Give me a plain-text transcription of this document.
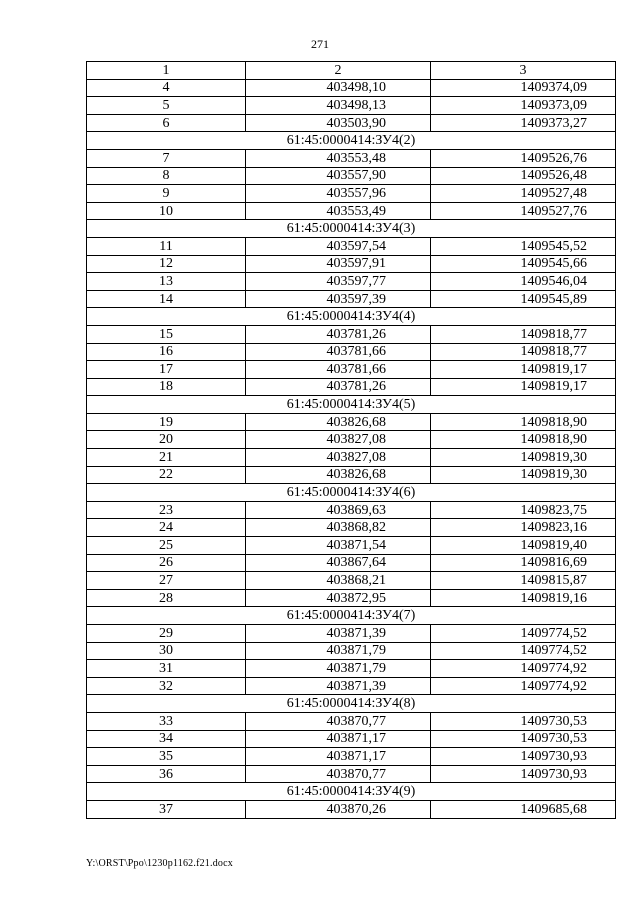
271
1	2	3
4	403498,10	1409374,09
5	403498,13	1409373,09
6	403503,90	1409373,27
61:45:0000414:ЗУ4(2)		
7	403553,48	1409526,76
8	403557,90	1409526,48
9	403557,96	1409527,48
10	403553,49	1409527,76
61:45:0000414:ЗУ4(3)		
11	403597,54	1409545,52
12	403597,91	1409545,66
13	403597,77	1409546,04
14	403597,39	1409545,89
61:45:0000414:ЗУ4(4)		
15	403781,26	1409818,77
16	403781,66	1409818,77
17	403781,66	1409819,17
18	403781,26	1409819,17
61:45:0000414:ЗУ4(5)		
19	403826,68	1409818,90
20	403827,08	1409818,90
21	403827,08	1409819,30
22	403826,68	1409819,30
61:45:0000414:ЗУ4(6)		
23	403869,63	1409823,75
24	403868,82	1409823,16
25	403871,54	1409819,40
26	403867,64	1409816,69
27	403868,21	1409815,87
28	403872,95	1409819,16
61:45:0000414:ЗУ4(7)		
29	403871,39	1409774,52
30	403871,79	1409774,52
31	403871,79	1409774,92
32	403871,39	1409774,92
61:45:0000414:ЗУ4(8)		
33	403870,77	1409730,53
34	403871,17	1409730,53
35	403871,17	1409730,93
36	403870,77	1409730,93
61:45:0000414:ЗУ4(9)		
37	403870,26	1409685,68
Y:\ORST\Ppo\1230p1162.f21.docx
